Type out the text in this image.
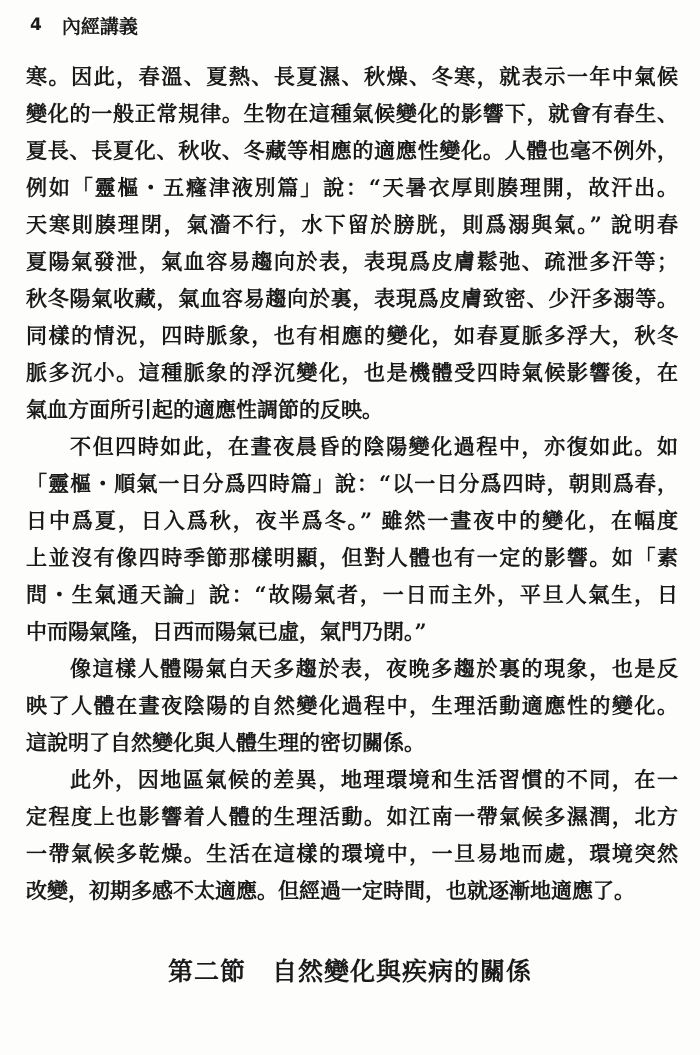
4 內經講義
寒。因此，春溫、夏熱、長夏濕、秋燥、冬寒，就表示一年中氣候
變化的一般正常規律。生物在這種氣候變化的影響下，就會有春生、
夏長、長夏化、秋收、冬藏等相應的適應性變化。人體也毫不例外，
例如「靈樞・五癃津液別篇」說：“天暑衣厚則腠理開，故汗出。
天寒則腠理閉，氣濇不行，水下留於膀胱，則爲溺與氣。” 說明春
夏陽氣發泄，氣血容易趨向於表，表現爲皮膚鬆弛、疏泄多汗等；
秋冬陽氣收藏，氣血容易趨向於裏，表現爲皮膚致密、少汗多溺等。
同樣的情況，四時脈象，也有相應的變化，如春夏脈多浮大，秋冬
脈多沉小。這種脈象的浮沉變化，也是機體受四時氣候影響後，在
氣血方面所引起的適應性調節的反映。
不但四時如此，在晝夜晨昏的陰陽變化過程中，亦復如此。如
「靈樞・順氣一日分爲四時篇」說：“以一日分爲四時，朝則爲春，
日中爲夏，日入爲秋，夜半爲冬。” 雖然一晝夜中的變化，在幅度
上並沒有像四時季節那樣明顯，但對人體也有一定的影響。如「素
問・生氣通天論」說：“故陽氣者，一日而主外，平旦人氣生，日
中而陽氣隆，日西而陽氣已虛，氣門乃閉。”
像這樣人體陽氣白天多趨於表，夜晚多趨於裏的現象，也是反
映了人體在晝夜陰陽的自然變化過程中，生理活動適應性的變化。
這說明了自然變化與人體生理的密切關係。
此外，因地區氣候的差異，地理環境和生活習慣的不同，在一
定程度上也影響着人體的生理活動。如江南一帶氣候多濕潤，北方
一帶氣候多乾燥。生活在這樣的環境中，一旦易地而處，環境突然
改變，初期多感不太適應。但經過一定時間，也就逐漸地適應了。
第二節　自然變化與疾病的關係
